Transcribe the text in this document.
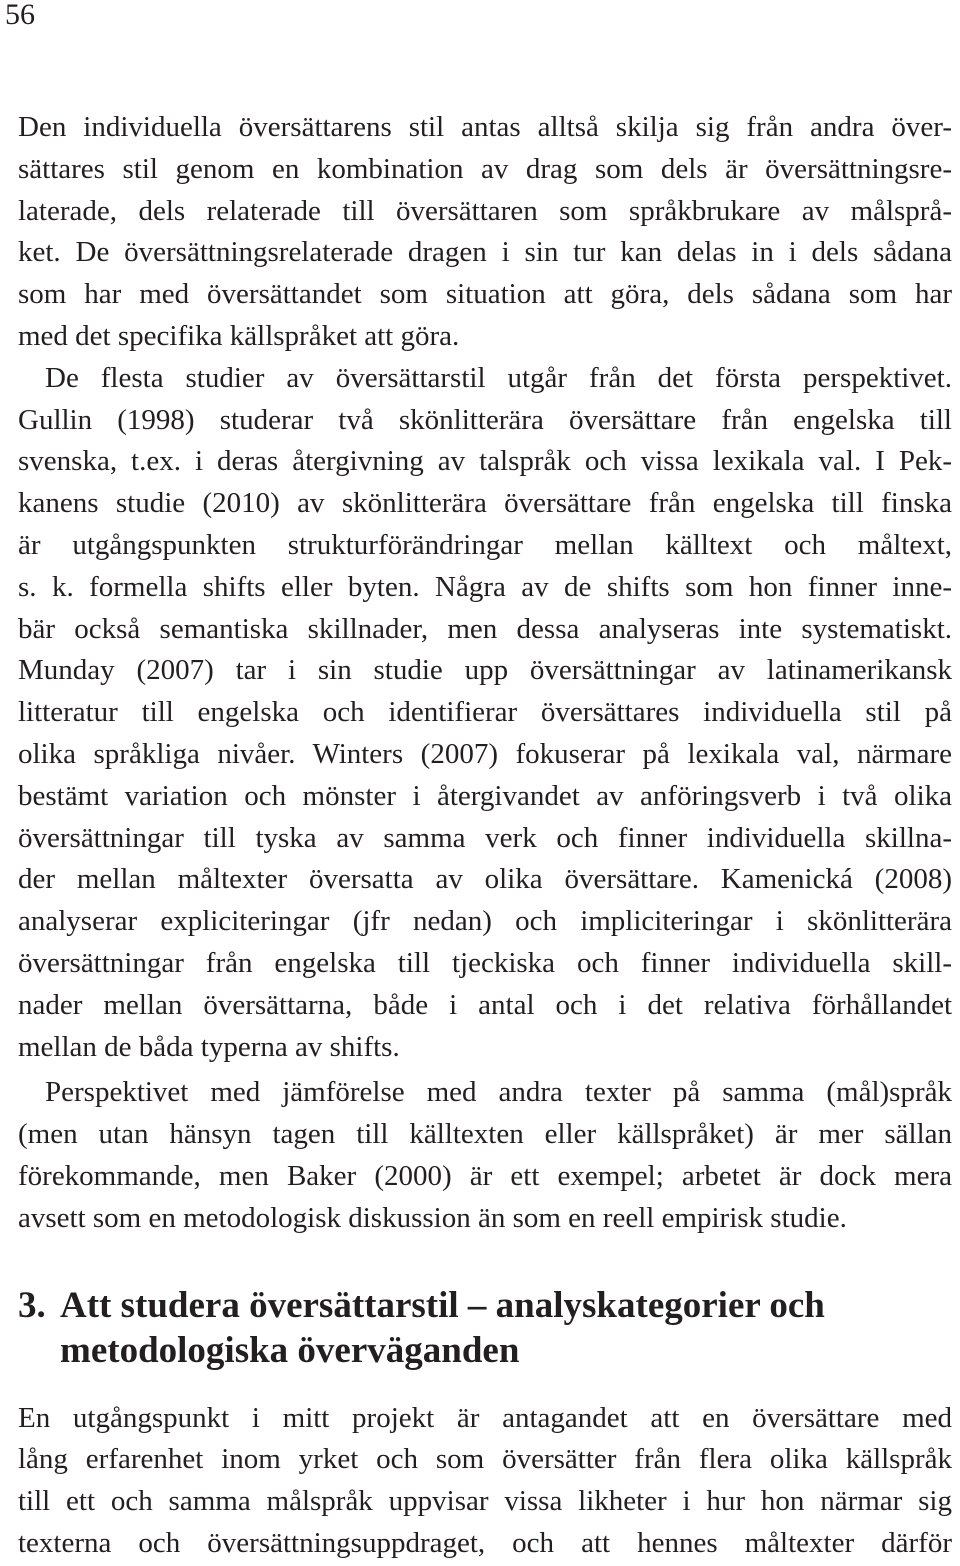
56

Den individuella översättarens stil antas alltså skilja sig från andra över-
sättares stil genom en kombination av drag som dels är översättningsre-
laterade, dels relaterade till översättaren som språkbrukare av målsprå-
ket. De översättningsrelaterade dragen i sin tur kan delas in i dels sådana
som har med översättandet som situation att göra, dels sådana som har
med det specifika källspråket att göra.

De flesta studier av översättarstil utgår från det första perspektivet.
Gullin (1998) studerar två skönlitterära översättare från engelska till
svenska, t.ex. i deras återgivning av talspråk och vissa lexikala val. I Pek-
kanens studie (2010) av skönlitterära översättare från engelska till finska
är utgångspunkten strukturförändringar mellan källtext och måltext,
s. k. formella shifts eller byten. Några av de shifts som hon finner inne-
bär också semantiska skillnader, men dessa analyseras inte systematiskt.
Munday (2007) tar i sin studie upp översättningar av latinamerikansk
litteratur till engelska och identifierar översättares individuella stil på
olika språkliga nivåer. Winters (2007) fokuserar på lexikala val, närmare
bestämt variation och mönster i återgivandet av anföringsverb i två olika
översättningar till tyska av samma verk och finner individuella skillna-
der mellan måltexter översatta av olika översättare. Kamenická (2008)
analyserar expliciteringar (jfr nedan) och impliciteringar i skönlitterära
översättningar från engelska till tjeckiska och finner individuella skill-
nader mellan översättarna, både i antal och i det relativa förhållandet
mellan de båda typerna av shifts.

Perspektivet med jämförelse med andra texter på samma (mål)språk
(men utan hänsyn tagen till källtexten eller källspråket) är mer sällan
förekommande, men Baker (2000) är ett exempel; arbetet är dock mera
avsett som en metodologisk diskussion än som en reell empirisk studie.

3. Att studera översättarstil – analyskategorier och
metodologiska överväganden

En utgångspunkt i mitt projekt är antagandet att en översättare med
lång erfarenhet inom yrket och som översätter från flera olika källspråk
till ett och samma målspråk uppvisar vissa likheter i hur hon närmar sig
texterna och översättningsuppdraget, och att hennes måltexter därför
